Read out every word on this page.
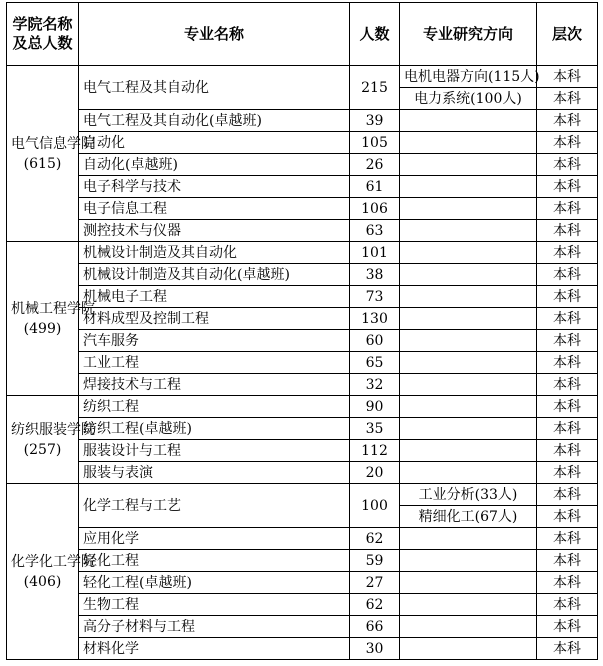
学院名称及总人数	专业名称	人数	专业研究方向	层次
电气信息学院
(615)	电气工程及其自动化	215	电机电器方向(115人)	本科
			电力系统(100人)	本科
	电气工程及其自动化(卓越班)	39		本科
	自动化	105		本科
	自动化(卓越班)	26		本科
	电子科学与技术	61		本科
	电子信息工程	106		本科
	测控技术与仪器	63		本科
机械工程学院
(499)	机械设计制造及其自动化	101		本科
	机械设计制造及其自动化(卓越班)	38		本科
	机械电子工程	73		本科
	材料成型及控制工程	130		本科
	汽车服务	60		本科
	工业工程	65		本科
	焊接技术与工程	32		本科
纺织服装学院
(257)	纺织工程	90		本科
	纺织工程(卓越班)	35		本科
	服装设计与工程	112		本科
	服装与表演	20		本科
化学化工学院
(406)	化学工程与工艺	100	工业分析(33人)	本科
			精细化工(67人)	本科
	应用化学	62		本科
	轻化工程	59		本科
	轻化工程(卓越班)	27		本科
	生物工程	62		本科
	高分子材料与工程	66		本科
	材料化学	30		本科
